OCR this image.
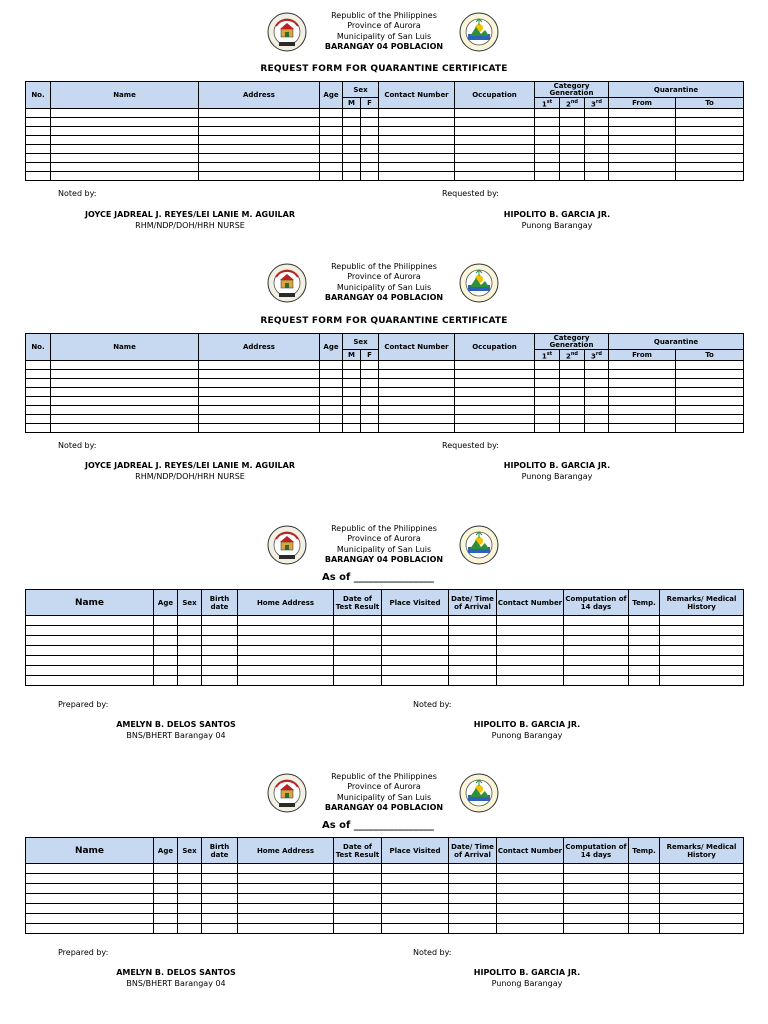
Republic of the Philippines
Province of Aurora
Municipality of San Luis
BARANGAY 04 POBLACION
REQUEST FORM FOR QUARANTINE CERTIFICATE
No.	Name	Address	Age	Sex		Contact Number	Occupation	Category Generation			Quarantine	
				M	F			1st	2nd	3rd	From	To

Noted by:	Requested by:
JOYCE JADREAL J. REYES/LEI LANIE M. AGUILAR
RHM/NDP/DOH/HRH NURSE
HIPOLITO B. GARCIA JR.
Punong Barangay
Republic of the Philippines
Province of Aurora
Municipality of San Luis
BARANGAY 04 POBLACION
REQUEST FORM FOR QUARANTINE CERTIFICATE
No.	Name	Address	Age	Sex		Contact Number	Occupation	Category Generation			Quarantine	
				M	F			1st	2nd	3rd	From	To

Noted by:	Requested by:
JOYCE JADREAL J. REYES/LEI LANIE M. AGUILAR
RHM/NDP/DOH/HRH NURSE
HIPOLITO B. GARCIA JR.
Punong Barangay
Republic of the Philippines
Province of Aurora
Municipality of San Luis
BARANGAY 04 POBLACION
As of ________________
Name	Age	Sex	Birth date	Home Address	Date of Test Result	Place Visited	Date/ Time of Arrival	Contact Number	Computation of 14 days	Temp.	Remarks/ Medical History

Prepared by:	Noted by:
AMELYN B. DELOS SANTOS
BNS/BHERT Barangay 04
HIPOLITO B. GARCIA JR.
Punong Barangay
Republic of the Philippines
Province of Aurora
Municipality of San Luis
BARANGAY 04 POBLACION
As of ________________
Name	Age	Sex	Birth date	Home Address	Date of Test Result	Place Visited	Date/ Time of Arrival	Contact Number	Computation of 14 days	Temp.	Remarks/ Medical History

Prepared by:	Noted by:
AMELYN B. DELOS SANTOS
BNS/BHERT Barangay 04
HIPOLITO B. GARCIA JR.
Punong Barangay
